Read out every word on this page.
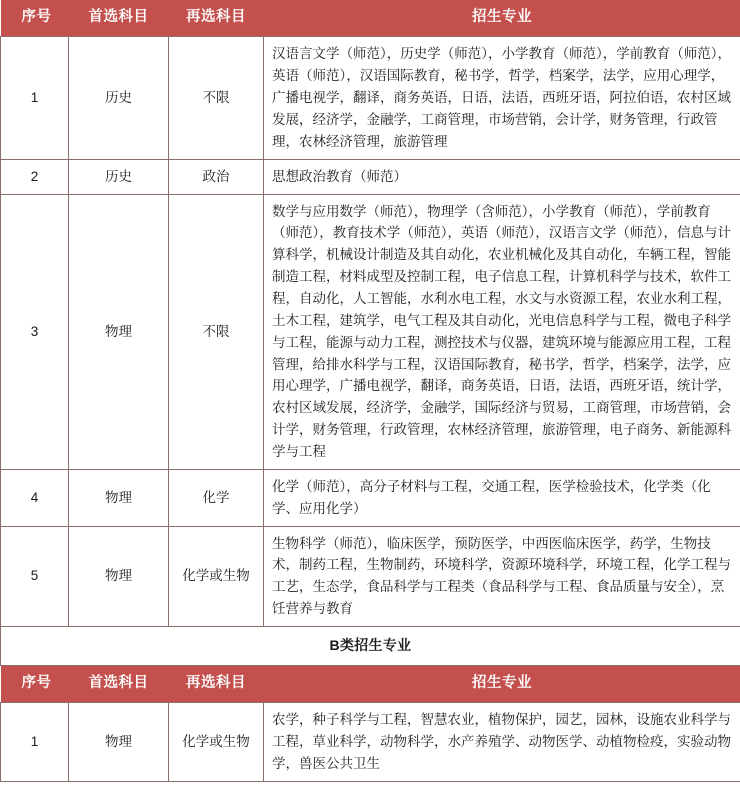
序号	首选科目	再选科目	招生专业
1	历史	不限	汉语言文学（师范），历史学（师范），小学教育（师范），学前教育（师范），英语（师范），汉语国际教育，秘书学，哲学，档案学，法学，应用心理学，广播电视学，翻译，商务英语，日语，法语，西班牙语，阿拉伯语，农村区域发展，经济学，金融学，工商管理，市场营销，会计学，财务管理，行政管理，农林经济管理，旅游管理
2	历史	政治	思想政治教育（师范）
3	物理	不限	数学与应用数学（师范），物理学（含师范），小学教育（师范），学前教育（师范），教育技术学（师范），英语（师范），汉语言文学（师范），信息与计算科学，机械设计制造及其自动化，农业机械化及其自动化，车辆工程，智能制造工程，材料成型及控制工程，电子信息工程，计算机科学与技术，软件工程，自动化，人工智能，水利水电工程，水文与水资源工程，农业水利工程，土木工程，建筑学，电气工程及其自动化，光电信息科学与工程，微电子科学与工程，能源与动力工程，测控技术与仪器，建筑环境与能源应用工程，工程管理，给排水科学与工程，汉语国际教育，秘书学，哲学，档案学，法学，应用心理学，广播电视学，翻译，商务英语，日语，法语，西班牙语，统计学，农村区域发展，经济学，金融学，国际经济与贸易，工商管理，市场营销，会计学，财务管理，行政管理，农林经济管理，旅游管理，电子商务、新能源科学与工程
4	物理	化学	化学（师范），高分子材料与工程，交通工程，医学检验技术，化学类（化学、应用化学）
5	物理	化学或生物	生物科学（师范），临床医学，预防医学，中西医临床医学，药学，生物技术，制药工程，生物制药，环境科学，资源环境科学，环境工程，化学工程与工艺，生态学，食品科学与工程类（食品科学与工程、食品质量与安全），烹饪营养与教育
B类招生专业			
序号	首选科目	再选科目	招生专业
1	物理	化学或生物	农学，种子科学与工程，智慧农业，植物保护，园艺，园林，设施农业科学与工程，草业科学，动物科学，水产养殖学、动物医学、动植物检疫，实验动物学，兽医公共卫生
